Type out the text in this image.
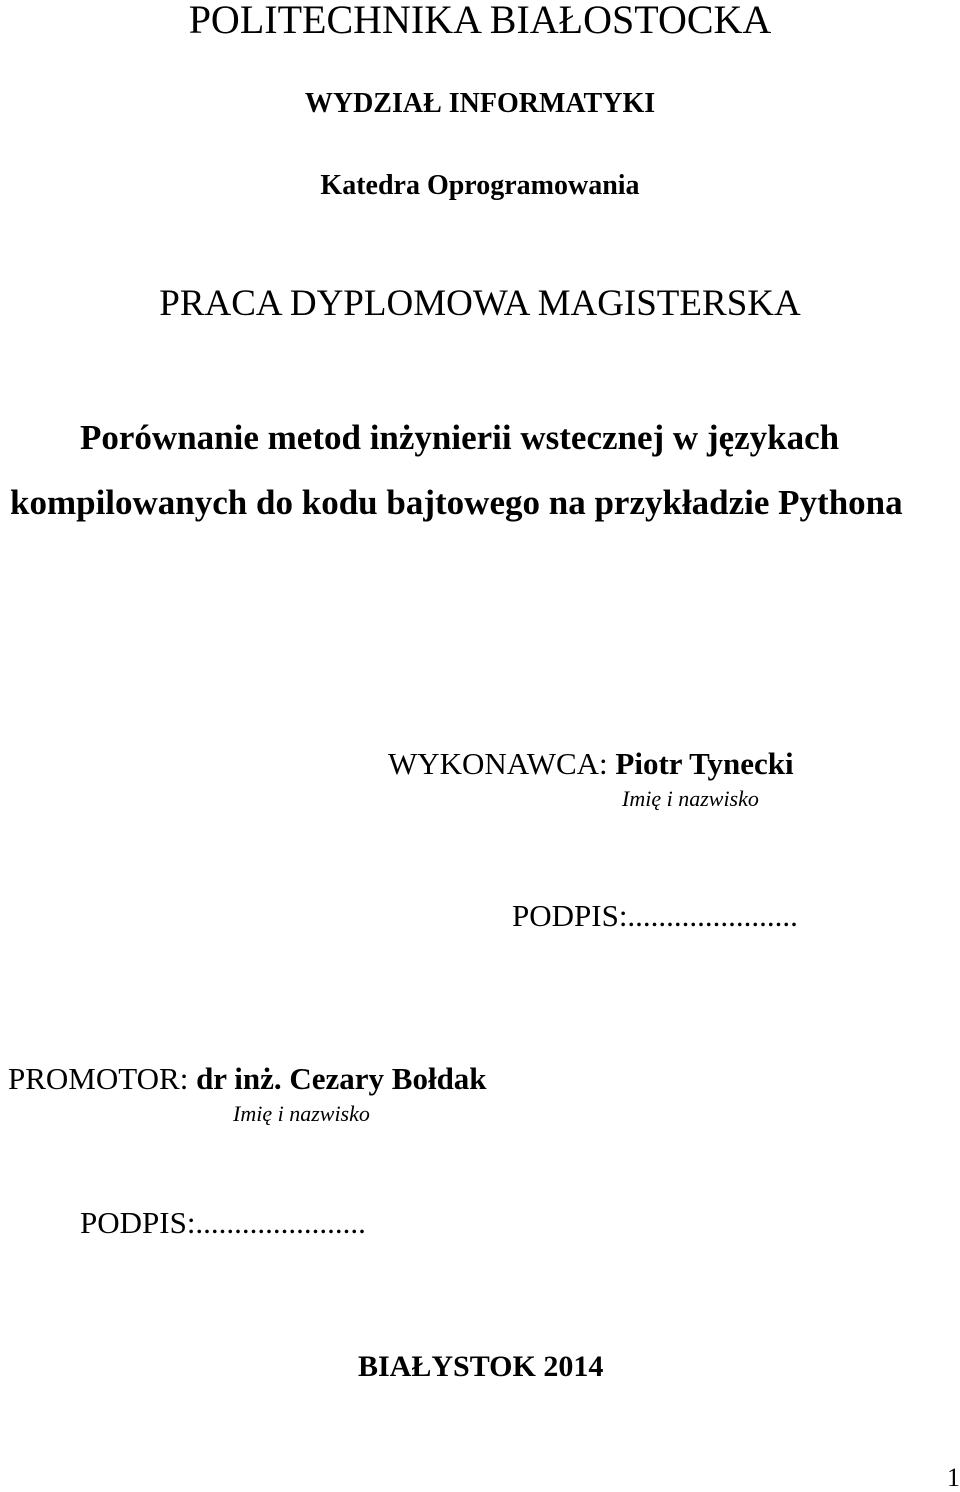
POLITECHNIKA BIAŁOSTOCKA
WYDZIAŁ INFORMATYKI
Katedra Oprogramowania
PRACA DYPLOMOWA MAGISTERSKA
Porównanie metod inżynierii wstecznej w językach
kompilowanych do kodu bajtowego na przykładzie Pythona
WYKONAWCA: Piotr Tynecki
Imię i nazwisko
PODPIS:......................
PROMOTOR: dr inż. Cezary Bołdak
Imię i nazwisko
PODPIS:......................
BIAŁYSTOK 2014
1
